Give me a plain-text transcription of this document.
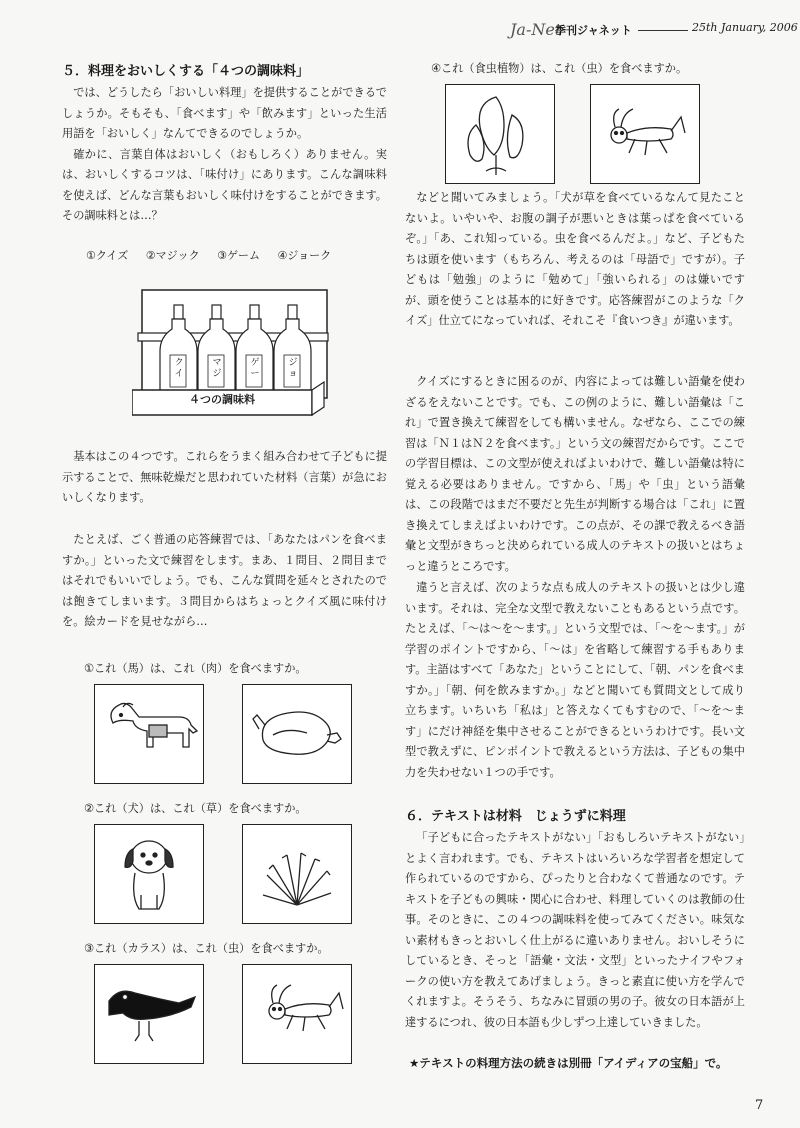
Ja-Net
季刊ジャネット	25th January, 2006
５．料理をおいしくする「４つの調味料」

では、どうしたら「おいしい料理」を提供することができるでしょうか。そもそも、「食べます」や「飲みます」といった生活用語を「おいしく」なんてできるのでしょうか。

確かに、言葉自体はおいしく（おもしろく）ありません。実は、おいしくするコツは、「味付け」にあります。こんな調味料を使えば、どんな言葉もおいしく味付けをすることができます。その調味料とは…？

①クイズ ②マジック ③ゲーム ④ジョーク
クイ
マジ
ゲー
ジョ
４つの調味料

基本はこの４つです。これらをうまく組み合わせて子どもに提示することで、無味乾燥だと思われていた材料（言葉）が急においしくなります。

たとえば、ごく普通の応答練習では、「あなたはパンを食べますか。」といった文で練習をします。まあ、１問目、２問目まではそれでもいいでしょう。でも、こんな質問を延々とされたのでは飽きてしまいます。３問目からはちょっとクイズ風に味付けを。絵カードを見せながら…

①これ（馬）は、これ（肉）を食べますか。
②これ（犬）は、これ（草）を食べますか。
③これ（カラス）は、これ（虫）を食べますか。
④これ（食虫植物）は、これ（虫）を食べますか。

などと聞いてみましょう。「犬が草を食べているなんて見たことないよ。いやいや、お腹の調子が悪いときは葉っぱを食べているぞ。」「あ、これ知っている。虫を食べるんだよ。」など、子どもたちは頭を使います（もちろん、考えるのは「母語で」ですが）。子どもは「勉強」のように「勉めて」「強いられる」のは嫌いですが、頭を使うことは基本的に好きです。応答練習がこのような「クイズ」仕立てになっていれば、それこそ『食いつき』が違います。

クイズにするときに困るのが、内容によっては難しい語彙を使わざるをえないことです。でも、この例のように、難しい語彙は「これ」で置き換えて練習をしても構いません。なぜなら、ここでの練習は「Ｎ１はＮ２を食べます。」という文の練習だからです。ここでの学習目標は、この文型が使えればよいわけで、難しい語彙は特に覚える必要はありません。ですから、「馬」や「虫」という語彙は、この段階ではまだ不要だと先生が判断する場合は「これ」に置き換えてしまえばよいわけです。この点が、その課で教えるべき語彙と文型がきちっと決められている成人のテキストの扱いとはちょっと違うところです。

違うと言えば、次のような点も成人のテキストの扱いとは少し違います。それは、完全な文型で教えないこともあるという点です。たとえば、「～は～を～ます。」という文型では、「～を～ます。」が学習のポイントですから、「～は」を省略して練習する手もあります。主語はすべて「あなた」ということにして、「朝、パンを食べますか。」「朝、何を飲みますか。」などと聞いても質問文として成り立ちます。いちいち「私は」と答えなくてもすむので、「～を～ます」にだけ神経を集中させることができるというわけです。長い文型で教えずに、ピンポイントで教えるという方法は、子どもの集中力を失わせない１つの手です。

６．テキストは材料　じょうずに料理

「子どもに合ったテキストがない」「おもしろいテキストがない」とよく言われます。でも、テキストはいろいろな学習者を想定して作られているのですから、ぴったりと合わなくて普通なのです。テキストを子どもの興味・関心に合わせ、料理していくのは教師の仕事。そのときに、この４つの調味料を使ってみてください。味気ない素材もきっとおいしく仕上がるに違いありません。おいしそうにしているとき、そっと「語彙・文法・文型」といったナイフやフォークの使い方を教えてあげましょう。きっと素直に使い方を学んでくれますよ。そうそう、ちなみに冒頭の男の子。彼女の日本語が上達するにつれ、彼の日本語も少しずつ上達していきました。

★テキストの料理方法の続きは別冊「アイディアの宝船」で。
7
